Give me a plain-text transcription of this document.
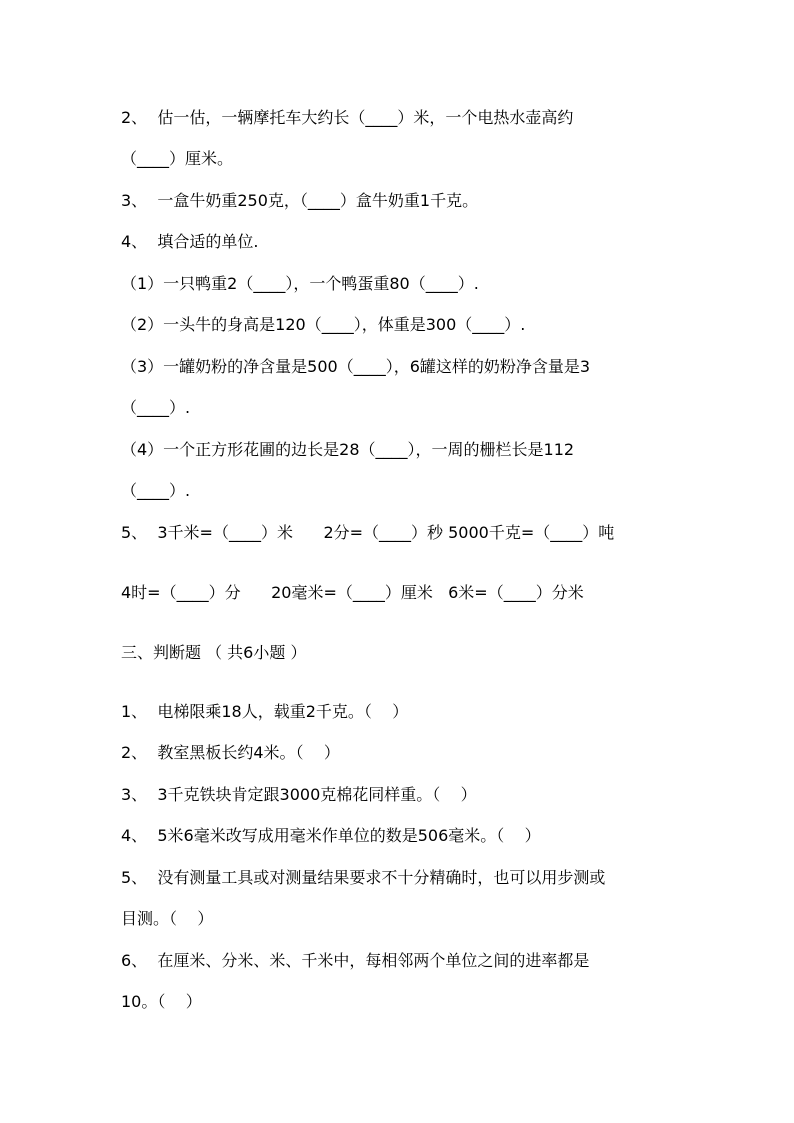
2、  估一估，一辆摩托车大约长（____）米，一个电热水壶高约
（____）厘米。
3、  一盒牛奶重250克，（____）盒牛奶重1千克。
4、  填合适的单位.
（1）一只鸭重2（____），一个鸭蛋重80（____）.
（2）一头牛的身高是120（____），体重是300（____）.
（3）一罐奶粉的净含量是500（____），6罐这样的奶粉净含量是3
（____）.
（4）一个正方形花圃的边长是28（____），一周的栅栏长是112
（____）.
5、  3千米=（____）米      2分=（____）秒 5000千克=（____）吨
4时=（____）分      20毫米=（____）厘米   6米=（____）分米
三、判断题 （ 共6小题 ）
1、  电梯限乘18人，载重2千克。（    ）
2、  教室黑板长约4米。（    ）
3、  3千克铁块肯定跟3000克棉花同样重。（    ）
4、  5米6毫米改写成用毫米作单位的数是506毫米。（    ）
5、  没有测量工具或对测量结果要求不十分精确时，也可以用步测或
目测。（    ）
6、  在厘米、分米、米、千米中，每相邻两个单位之间的进率都是
10。（    ）
